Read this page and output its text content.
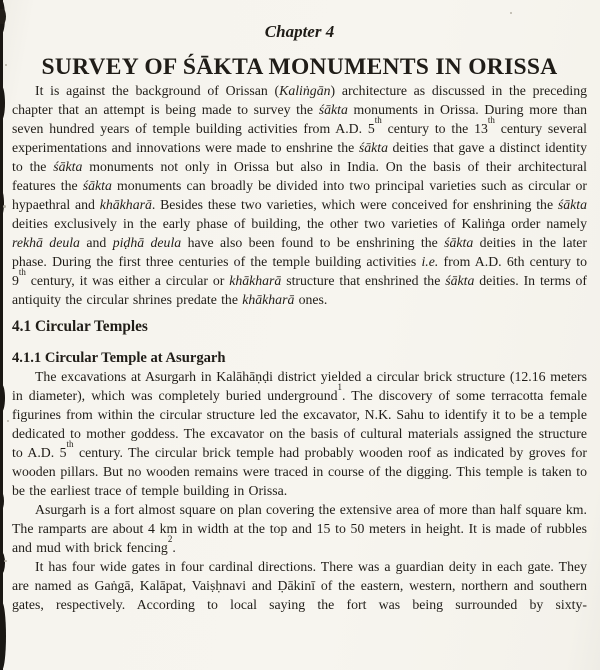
Chapter 4
SURVEY OF ŚĀKTA MONUMENTS IN ORISSA

It is against the background of Orissan (Kaliṅgān) architecture as discussed in the preceding chapter that an attempt is being made to survey the śākta monuments in Orissa. During more than seven hundred years of temple building activities from A.D. 5th century to the 13th century several experimentations and innovations were made to enshrine the śākta deities that gave a distinct identity to the śākta monuments not only in Orissa but also in India. On the basis of their architectural features the śākta monuments can broadly be divided into two principal varieties such as circular or hypaethral and khākharā. Besides these two varieties, which were conceived for enshrining the śākta deities exclusively in the early phase of building, the other two varieties of Kaliṅga order namely rekhā deula and piḍhā deula have also been found to be enshrining the śākta deities in the later phase. During the first three centuries of the temple building activities i.e. from A.D. 6th century to 9th century, it was either a circular or khākharā structure that enshrined the śākta deities. In terms of antiquity the circular shrines predate the khākharā ones.

4.1 Circular Temples
4.1.1 Circular Temple at Asurgarh

The excavations at Asurgarh in Kalāhāṇḍi district yielded a circular brick structure (12.16 meters in diameter), which was completely buried underground$^1$. The discovery of some terracotta female figurines from within the circular structure led the excavator, N.K. Sahu to identify it to be a temple dedicated to mother goddess. The excavator on the basis of cultural materials assigned the structure to A.D. 5th century. The circular brick temple had probably wooden roof as indicated by groves for wooden pillars. But no wooden remains were traced in course of the digging. This temple is taken to be the earliest trace of temple building in Orissa.

Asurgarh is a fort almost square on plan covering the extensive area of more than half square km. The ramparts are about 4 km in width at the top and 15 to 50 meters in height. It is made of rubbles and mud with brick fencing$^2$.

It has four wide gates in four cardinal directions. There was a guardian deity in each gate. They are named as Gaṅgā, Kalāpat, Vaiṣḥnavi and Ḍākinī of the eastern, western, northern and southern gates, respectively. According to local saying the fort was being surrounded by sixty-
